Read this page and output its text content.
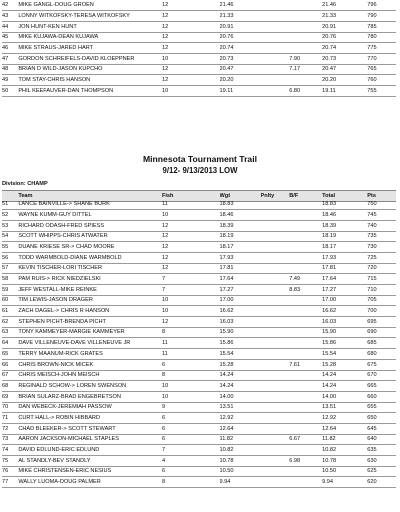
42	MIKE GANGL-DOUG GROEN	12	21.46			21.46	796
43	LONNY WITKOFSKY-TERESA WITKOFSKY	12	21.33			21.33	790
44	JON HUNT-KEN HUNT	12	20.91			20.91	785
45	MIKE KUJAWA-DEAN KUJAWA	12	20.76			20.76	780
46	MIKE STRAUS-JARED HART	12	20.74			20.74	775
47	GORDON SCHREIFELS-DAVID KLOEPPNER	10	20.73		7.90	20.73	770
48	BRIAN D WILD-JASON KUPCHO	12	20.47		7.17	20.47	765
49	TOM STAY-CHRIS HANSON	12	20.20			20.20	760
50	PHIL KEEFAUVER-DAN THOMPSON	10	19.11		6.80	19.11	755
Minnesota Tournament Trail
9/12- 9/13/2013 LOW
Division: CHAMP
	Team	Fish	Wgt	Pnlty	B/F	Total	Pts
51	LANCE BAINVILLE-> SHANE BURK	11	18.83			18.83	750
52	WAYNE KUMM-GUY DITTEL	10	18.46			18.46	745
53	RICHARD ODASH-FRED SPIESS	12	18.39			18.39	740
54	SCOTT WHIPPS-CHRIS ATWATER	12	18.19			18.19	735
55	DUANE KRIESE SR-> CHAD MOORE	12	18.17			18.17	730
56	TODD WARMBOLD-DIANE WARMBOLD	12	17.93			17.93	725
57	KEVIN TISCHER-LORI TISCHER	12	17.81			17.81	720
58	PAM RUIS-> RICK NIEDZIELSKI	7	17.64		7.49	17.64	715
59	JEFF WESTALL-MIKE REINKE	7	17.27		8.83	17.27	710
60	TIM LEWIS-JASON DRAGER	10	17.00			17.00	705
61	ZACH DAGEL-> CHRIS R HANSON	10	16.62			16.62	700
62	STEPHEN PICHT-BRENDA PICHT	12	16.03			16.03	695
63	TONY KAMMEYER-MARGIE KAMMEYER	8	15.90			15.90	690
64	DAVE VILLENEUVE-DAVE VILLENEUVE JR	11	15.86			15.86	685
65	TERRY MAANUM-RICK GRATES	11	15.54			15.54	680
66	CHRIS BROWN-NICK MICEK	6	15.28		7.61	15.28	675
67	CHRIS MEISCH-JOHN MEISCH	8	14.24			14.24	670
68	REGINALD SCHOW-> LOREN SWENSON	10	14.24			14.24	665
69	BRIAN SULARZ-BRAD ENGEBRETSON	10	14.00			14.00	660
70	DAN WEBECK-JEREMIAH PASSOW	9	13.51			13.51	655
71	CURT HALL-> ROBIN HIBBARD	6	12.92			12.92	650
72	CHAD BLEEKER-> SCOTT STEWART	6	12.64			12.64	645
73	AARON JACKSON-MICHAEL STAPLES	6	11.82		6.67	11.82	640
74	DAVID EDLUND-ERIC EDLUND	7	10.82			10.82	635
75	AL STANDLY-BEV STANDLY	4	10.78		6.98	10.78	630
76	MIKE CHRISTENSEN-ERIC NESIUS	6	10.50			10.50	625
77	WALLY LUOMA-DOUG PALMER	8	9.94			9.94	620
